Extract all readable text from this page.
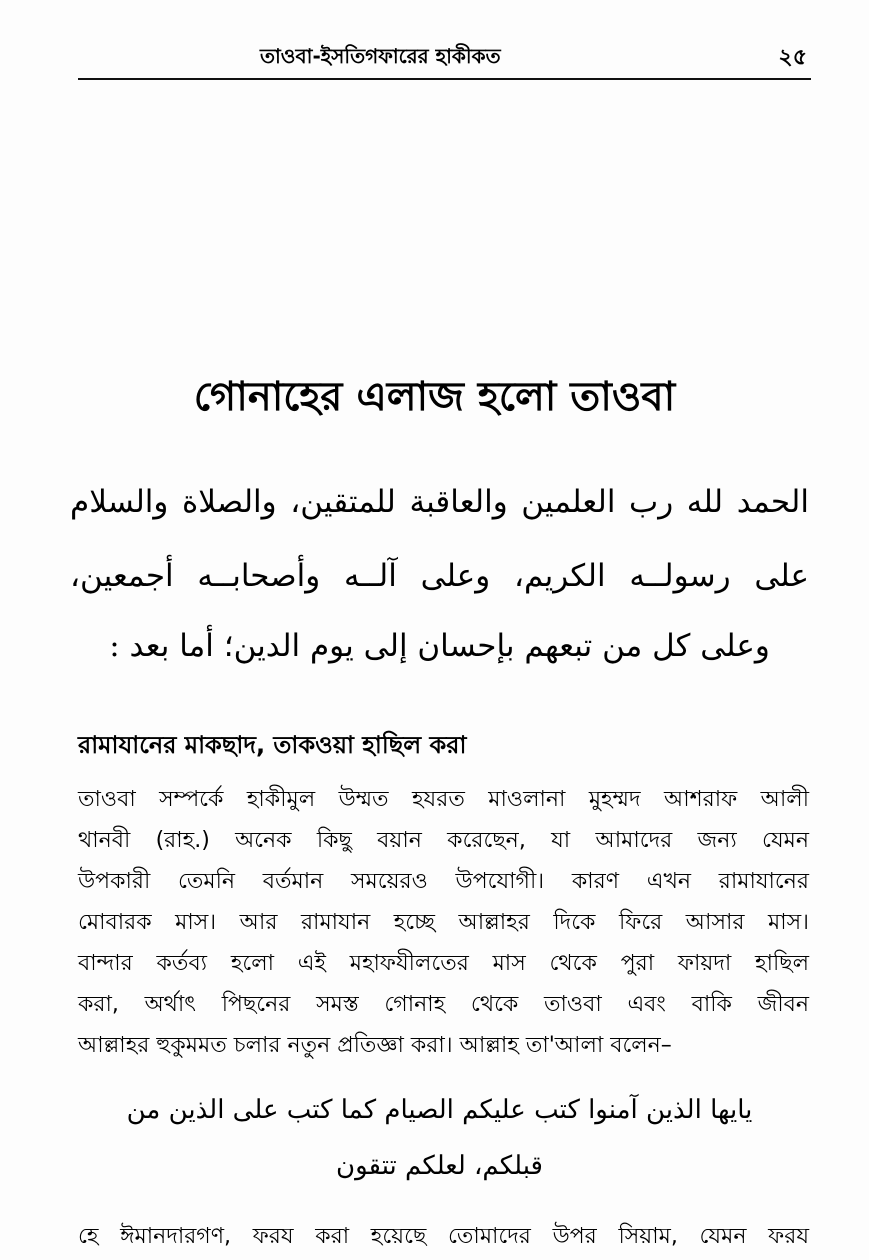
তাওবা-ইসতিগফারের হাকীকত	২৫
গোনাহের এলাজ হলো তাওবা
الحمد لله رب العلمين والعاقبة للمتقين، والصلاة والسلام
على رسولــه الكريم، وعلى آلــه وأصحابــه أجمعين،
وعلى كل من تبعهم بإحسان إلى يوم الدين؛ أما بعد :
রামাযানের মাকছাদ, তাকওয়া হাছিল করা
তাওবা সম্পর্কে হাকীমুল উম্মত হযরত মাওলানা মুহম্মদ আশরাফ আলী
থানবী (রাহ.) অনেক কিছু বয়ান করেছেন, যা আমাদের জন্য যেমন
উপকারী তেমনি বর্তমান সময়েরও উপযোগী। কারণ এখন রামাযানের
মোবারক মাস। আর রামাযান হচ্ছে আল্লাহর দিকে ফিরে আসার মাস।
বান্দার কর্তব্য হলো এই মহাফযীলতের মাস থেকে পুরা ফায়দা হাছিল
করা, অর্থাৎ পিছনের সমস্ত গোনাহ থেকে তাওবা এবং বাকি জীবন
আল্লাহর হুকুমমত চলার নতুন প্রতিজ্ঞা করা। আল্লাহ তা'আলা বলেন–
يايها الذين آمنوا كتب عليكم الصيام كما كتب على الذين من
قبلكم، لعلكم تتقون
হে ঈমানদারগণ, ফরয করা হয়েছে তোমাদের উপর সিয়াম, যেমন ফরয
